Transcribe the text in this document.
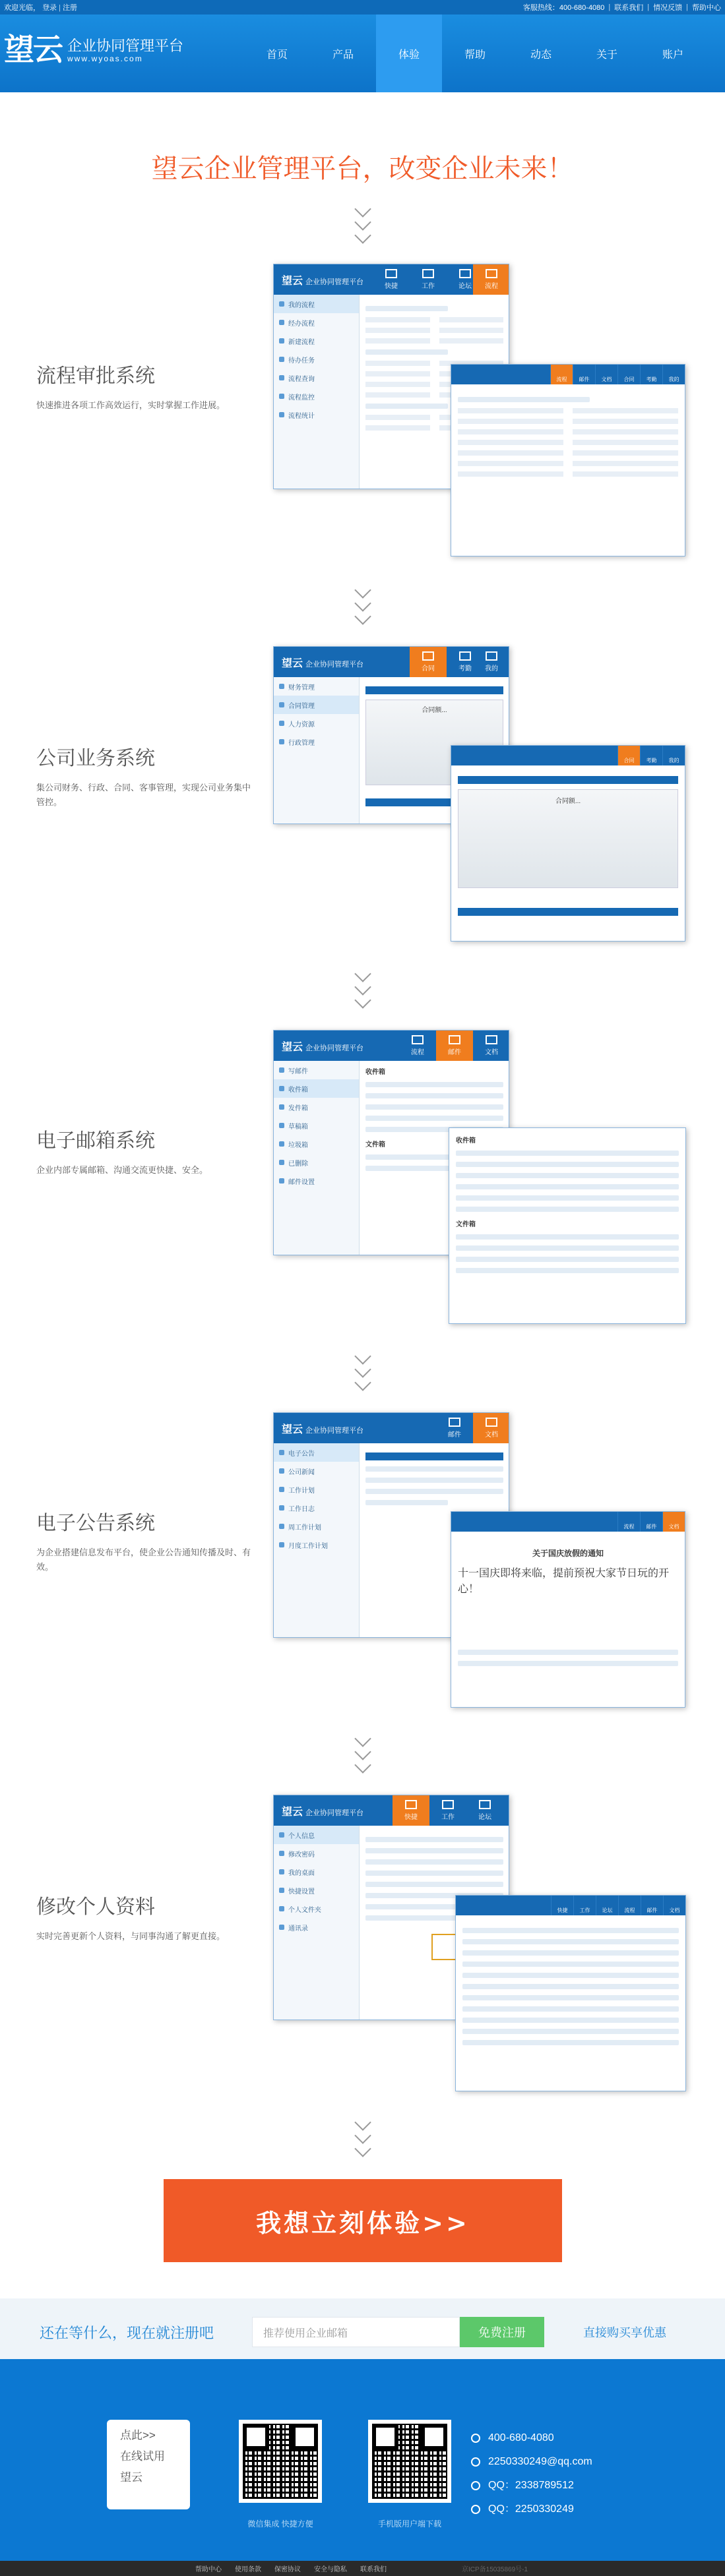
欢迎光临， 登录 | 注册	客服热线：400-680-4080 | 联系我们 | 情况反馈 | 帮助中心
望云 企业协同管理平台
www.wyoas.com	首页	产品	体验	帮助	动态	关于	账户
望云企业管理平台，改变企业未来！
流程审批系统
快速推进各项工作高效运行，实时掌握工作进展。
望云 企业协同管理平台
快捷	工作	论坛 流程
我的流程
经办流程
新建流程
待办任务
流程查询
流程监控
流程统计
流程	邮件	文档	合同	考勤	我的
公司业务系统
集公司财务、行政、合同、客事管理，实现公司业务集中管控。
望云 企业协同管理平台
合同	考勤 我的
财务管理
合同管理
人力资源
行政管理
合同额...
合同	考勤	我的
合同额...
电子邮箱系统
企业内部专属邮箱、沟通交流更快捷、安全。
望云 企业协同管理平台
流程	邮件	文档
写邮件
收件箱
发件箱
草稿箱
垃圾箱
已删除
邮件设置
收件箱
文件箱
收件箱
文件箱
电子公告系统
为企业搭建信息发布平台，使企业公告通知传播及时、有效。
望云 企业协同管理平台
邮件	文档
电子公告
公司新闻
工作计划
工作日志
周工作计划
月度工作计划
流程	邮件	文档
关于国庆放假的通知
十一国庆即将来临，提前预祝大家节日玩的开心！
修改个人资料
实时完善更新个人资料，与同事沟通了解更直接。
望云 企业协同管理平台
快捷	工作	论坛
个人信息
修改密码
我的桌面
快捷设置
个人文件夹
通讯录
快捷	工作	论坛	流程	邮件	文档
我想立刻体验>>
还在等什么，现在就注册吧	推荐使用企业邮箱	免费注册	直接购买享优惠
点此>>
在线试用
望云
微信集成 快捷方便	手机版用户端下载
400-680-4080
2250330249@qq.com
QQ：2338789512
QQ：2250330249
帮助中心 使用条款 保密协议 安全与隐私 联系我们	京ICP备15035869号-1
